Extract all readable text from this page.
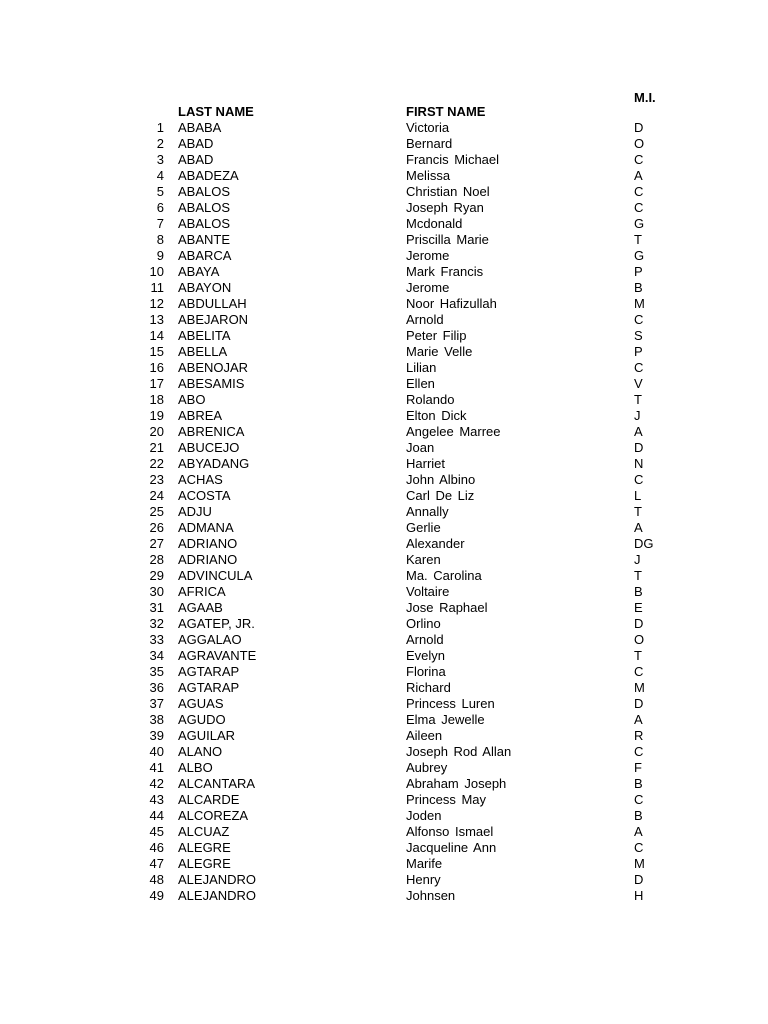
LAST NAME	FIRST NAME
M.I.
1 ABABA	Victoria	D
2 ABAD	Bernard	O
3 ABAD	Francis Michael	C
4 ABADEZA	Melissa	A
5 ABALOS	Christian Noel	C
6 ABALOS	Joseph Ryan	C
7 ABALOS	Mcdonald	G
8 ABANTE	Priscilla Marie	T
9 ABARCA	Jerome	G
10 ABAYA	Mark Francis	P
11 ABAYON	Jerome	B
12 ABDULLAH	Noor Hafizullah	M
13 ABEJARON	Arnold	C
14 ABELITA	Peter Filip	S
15 ABELLA	Marie Velle	P
16 ABENOJAR	Lilian	C
17 ABESAMIS	Ellen	V
18 ABO	Rolando	T
19 ABREA	Elton Dick	J
20 ABRENICA	Angelee Marree	A
21 ABUCEJO	Joan	D
22 ABYADANG	Harriet	N
23 ACHAS	John Albino	C
24 ACOSTA	Carl De Liz	L
25 ADJU	Annally	T
26 ADMANA	Gerlie	A
27 ADRIANO	Alexander	DG
28 ADRIANO	Karen	J
29 ADVINCULA	Ma. Carolina	T
30 AFRICA	Voltaire	B
31 AGAAB	Jose Raphael	E
32 AGATEP, JR.	Orlino	D
33 AGGALAO	Arnold	O
34 AGRAVANTE	Evelyn	T
35 AGTARAP	Florina	C
36 AGTARAP	Richard	M
37 AGUAS	Princess Luren	D
38 AGUDO	Elma Jewelle	A
39 AGUILAR	Aileen	R
40 ALANO	Joseph Rod Allan	C
41 ALBO	Aubrey	F
42 ALCANTARA	Abraham Joseph	B
43 ALCARDE	Princess May	C
44 ALCOREZA	Joden	B
45 ALCUAZ	Alfonso Ismael	A
46 ALEGRE	Jacqueline Ann	C
47 ALEGRE	Marife	M
48 ALEJANDRO	Henry	D
49 ALEJANDRO	Johnsen	H
